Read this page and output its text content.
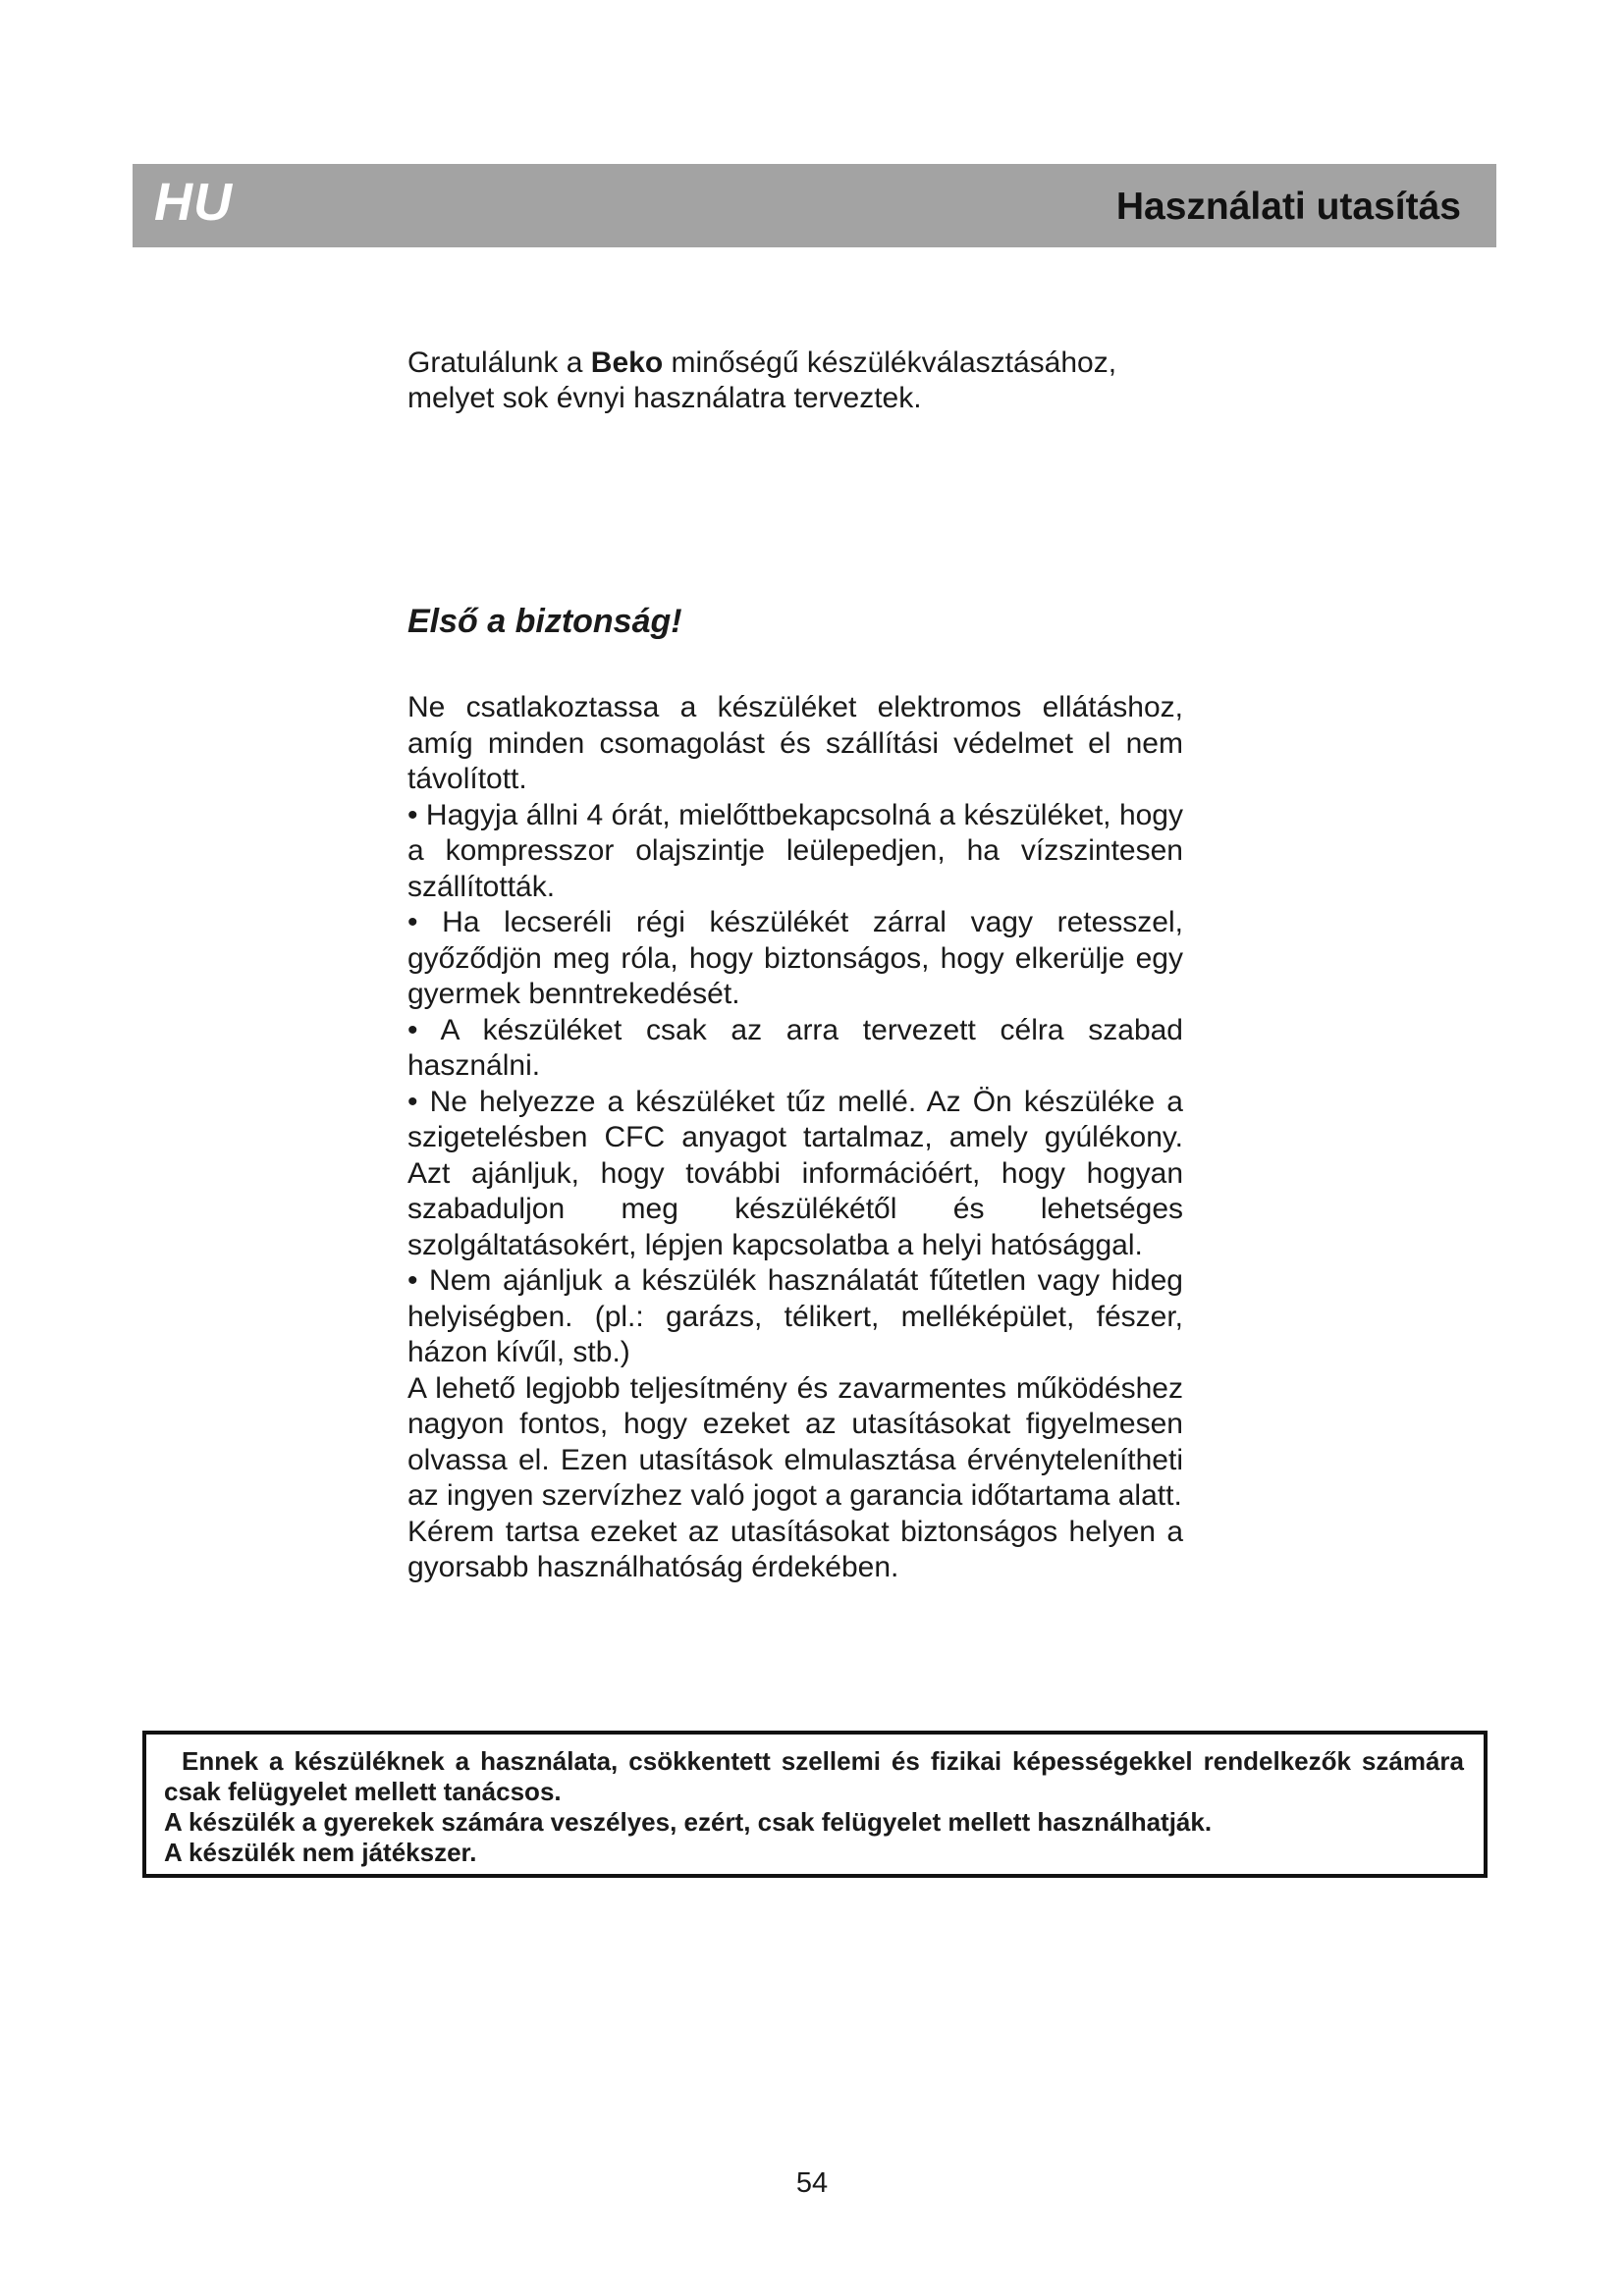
HU	Használati utasítás

Gratulálunk a Beko minőségű készülékválasztásához, melyet sok évnyi használatra terveztek.

Első a biztonság!

Ne csatlakoztassa a készüléket elektromos ellátáshoz, amíg minden csomagolást és szállítási védelmet el nem távolított.

• Hagyja állni 4 órát, mielőttbekapcsolná a készüléket, hogy a kompresszor olajszintje leülepedjen, ha vízszintesen szállították.

• Ha lecseréli régi készülékét zárral vagy retesszel, győződjön meg róla, hogy biztonságos, hogy elkerülje egy gyermek benntrekedését.

• A készüléket csak az arra tervezett célra szabad használni.

• Ne helyezze a készüléket tűz mellé. Az Ön készüléke a szigetelésben CFC anyagot tartalmaz, amely gyúlékony. Azt ajánljuk, hogy további információért, hogy hogyan szabaduljon meg készülékétől és lehetséges szolgáltatásokért, lépjen kapcsolatba a helyi hatósággal.

• Nem ajánljuk a készülék használatát fűtetlen vagy hideg helyiségben. (pl.: garázs, télikert, melléképület, fészer, házon kívűl, stb.)

A lehető legjobb teljesítmény és zavarmentes működéshez nagyon fontos, hogy ezeket az utasításokat figyelmesen olvassa el. Ezen utasítások elmulasztása érvénytelenítheti az ingyen szervízhez való jogot a garancia időtartama alatt.

Kérem tartsa ezeket az utasításokat biztonságos helyen a gyorsabb használhatóság érdekében.

Ennek a készüléknek a használata, csökkentett szellemi és fizikai képességekkel rendelkezők számára csak felügyelet mellett tanácsos.

A készülék a gyerekek számára veszélyes, ezért, csak felügyelet mellett használhatják.

A készülék nem játékszer.

54
